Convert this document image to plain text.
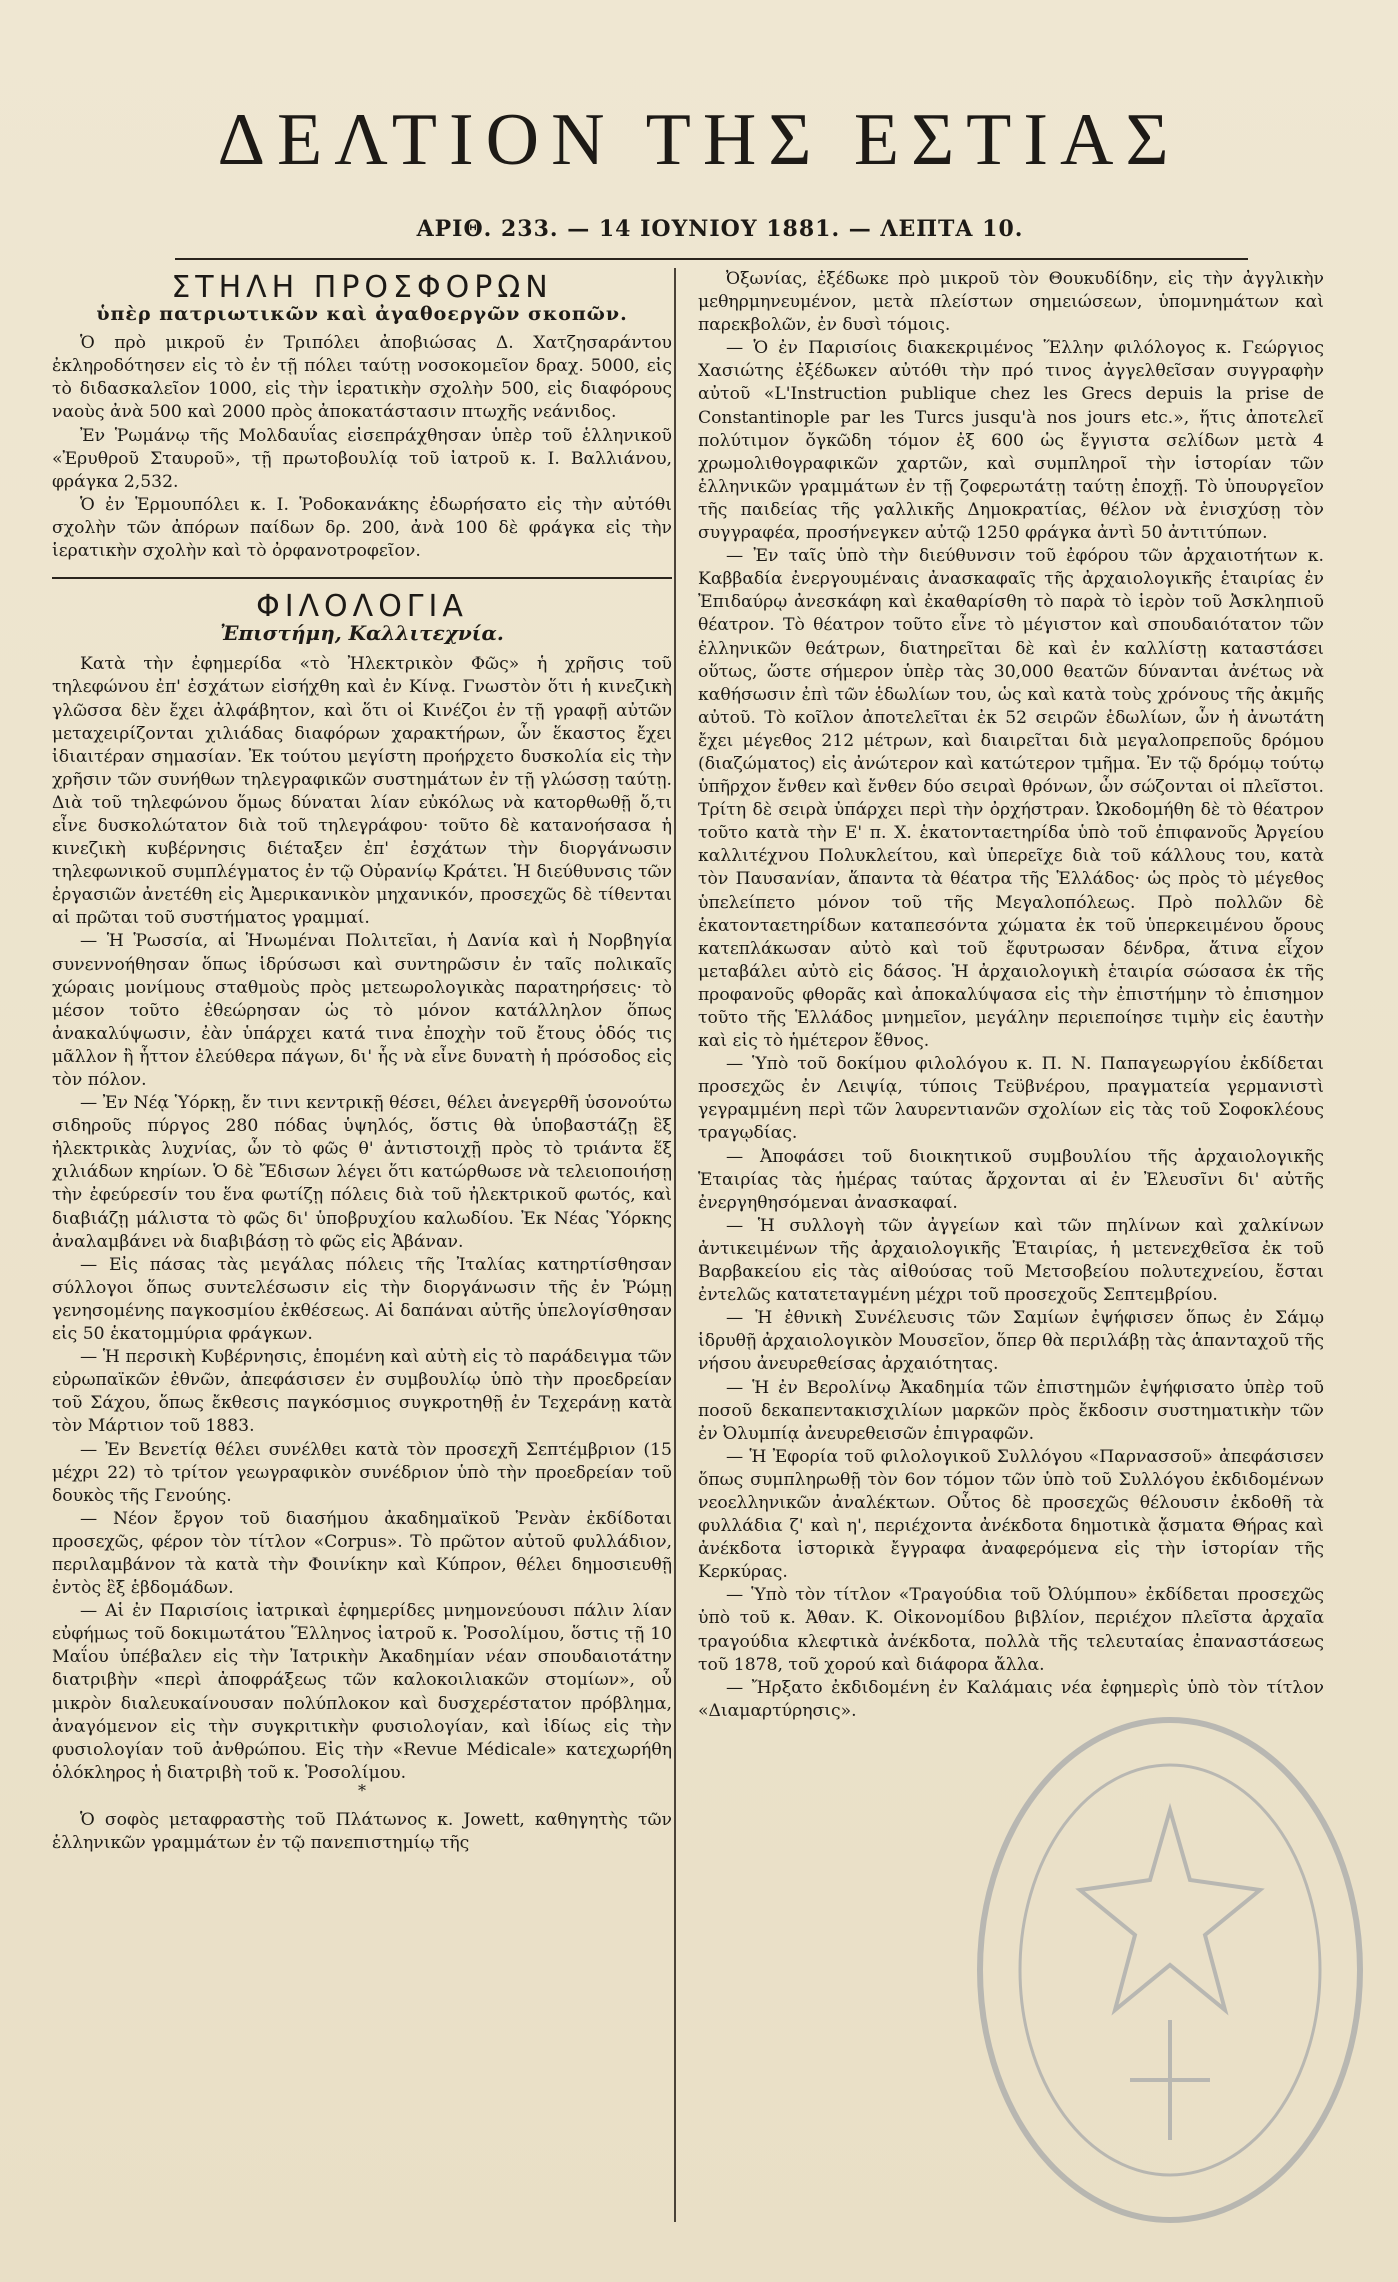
ΔΕΛΤΙΟΝ ΤΗΣ ΕΣΤΙΑΣ
ΑΡΙΘ. 233. — 14 ΙΟΥΝΙΟΥ 1881. — ΛΕΠΤΑ 10.
ΣΤΗΛΗ ΠΡΟΣΦΟΡΩΝ
ὑπὲρ πατριωτικῶν καὶ ἀγαθοεργῶν σκοπῶν.

Ὁ πρὸ μικροῦ ἐν Τριπόλει ἀποβιώσας Δ. Χατζησαράντου ἐκληροδότησεν εἰς τὸ ἐν τῇ πόλει ταύτῃ νοσοκομεῖον δραχ. 5000, εἰς τὸ διδασκαλεῖον 1000, εἰς τὴν ἱερατικὴν σχολὴν 500, εἰς διαφόρους ναοὺς ἀνὰ 500 καὶ 2000 πρὸς ἀποκατάστασιν πτωχῆς νεάνιδος.

Ἐν Ῥωμάνῳ τῆς Μολδαυΐας εἰσεπράχθησαν ὑπὲρ τοῦ ἑλληνικοῦ «Ἐρυθροῦ Σταυροῦ», τῇ πρωτοβουλίᾳ τοῦ ἰατροῦ κ. Ι. Βαλλιάνου, φράγκα 2,532.

Ὁ ἐν Ἑρμουπόλει κ. Ι. Ῥοδοκανάκης ἐδωρήσατο εἰς τὴν αὐτόθι σχολὴν τῶν ἀπόρων παίδων δρ. 200, ἀνὰ 100 δὲ φράγκα εἰς τὴν ἱερατικὴν σχολὴν καὶ τὸ ὀρφανοτροφεῖον.

ΦΙΛΟΛΟΓΙΑ
Ἐπιστήμη, Καλλιτεχνία.

Κατὰ τὴν ἐφημερίδα «τὸ Ἠλεκτρικὸν Φῶς» ἡ χρῆσις τοῦ τηλεφώνου ἐπ' ἐσχάτων εἰσήχθη καὶ ἐν Κίνᾳ. Γνωστὸν ὅτι ἡ κινεζικὴ γλῶσσα δὲν ἔχει ἀλφάβητον, καὶ ὅτι οἱ Κινέζοι ἐν τῇ γραφῇ αὐτῶν μεταχειρίζονται χιλιάδας διαφόρων χαρακτήρων, ὧν ἕκαστος ἔχει ἰδιαιτέραν σημασίαν. Ἐκ τούτου μεγίστη προήρχετο δυσκολία εἰς τὴν χρῆσιν τῶν συνήθων τηλεγραφικῶν συστημάτων ἐν τῇ γλώσσῃ ταύτῃ. Διὰ τοῦ τηλεφώνου ὅμως δύναται λίαν εὐκόλως νὰ κατορθωθῇ ὅ,τι εἶνε δυσκολώτατον διὰ τοῦ τηλεγράφου· τοῦτο δὲ κατανοήσασα ἡ κινεζικὴ κυβέρνησις διέταξεν ἐπ' ἐσχάτων τὴν διοργάνωσιν τηλεφωνικοῦ συμπλέγματος ἐν τῷ Οὐρανίῳ Κράτει. Ἡ διεύθυνσις τῶν ἐργασιῶν ἀνετέθη εἰς Ἀμερικανικὸν μηχανικόν, προσεχῶς δὲ τίθενται αἱ πρῶται τοῦ συστήματος γραμμαί.

— Ἡ Ῥωσσία, αἱ Ἡνωμέναι Πολιτεῖαι, ἡ Δανία καὶ ἡ Νορβηγία συνεννοήθησαν ὅπως ἱδρύσωσι καὶ συντηρῶσιν ἐν ταῖς πολικαῖς χώραις μονίμους σταθμοὺς πρὸς μετεωρολογικὰς παρατηρήσεις· τὸ μέσον τοῦτο ἐθεώρησαν ὡς τὸ μόνον κατάλληλον ὅπως ἀνακαλύψωσιν, ἐὰν ὑπάρχει κατά τινα ἐποχὴν τοῦ ἔτους ὁδός τις μᾶλλον ἢ ἧττον ἐλεύθερα πάγων, δι' ἧς νὰ εἶνε δυνατὴ ἡ πρόσοδος εἰς τὸν πόλον.

— Ἐν Νέᾳ Ὑόρκῃ, ἔν τινι κεντρικῇ θέσει, θέλει ἀνεγερθῆ ὑσονούτω σιδηροῦς πύργος 280 πόδας ὑψηλός, ὅστις θὰ ὑποβαστάζῃ ἓξ ἠλεκτρικὰς λυχνίας, ὧν τὸ φῶς θ' ἀντιστοιχῇ πρὸς τὸ τριάντα ἕξ χιλιάδων κηρίων. Ὁ δὲ Ἔδισων λέγει ὅτι κατώρθωσε νὰ τελειοποιήσῃ τὴν ἐφεύρεσίν του ἕνα φωτίζῃ πόλεις διὰ τοῦ ἠλεκτρικοῦ φωτός, καὶ διαβιάζῃ μάλιστα τὸ φῶς δι' ὑποβρυχίου καλωδίου. Ἐκ Νέας Ὑόρκης ἀναλαμβάνει νὰ διαβιβάσῃ τὸ φῶς εἰς Ἀβάναν.

— Εἰς πάσας τὰς μεγάλας πόλεις τῆς Ἰταλίας κατηρτίσθησαν σύλλογοι ὅπως συντελέσωσιν εἰς τὴν διοργάνωσιν τῆς ἐν Ῥώμῃ γενησομένης παγκοσμίου ἐκθέσεως. Αἱ δαπάναι αὐτῆς ὑπελογίσθησαν εἰς 50 ἑκατομμύρια φράγκων.

— Ἡ περσικὴ Κυβέρνησις, ἑπομένη καὶ αὐτὴ εἰς τὸ παράδειγμα τῶν εὐρωπαϊκῶν ἐθνῶν, ἀπεφάσισεν ἐν συμβουλίῳ ὑπὸ τὴν προεδρείαν τοῦ Σάχου, ὅπως ἔκθεσις παγκόσμιος συγκροτηθῇ ἐν Τεχεράνῃ κατὰ τὸν Μάρτιον τοῦ 1883.

— Ἐν Βενετίᾳ θέλει συνέλθει κατὰ τὸν προσεχῆ Σεπτέμβριον (15 μέχρι 22) τὸ τρίτον γεωγραφικὸν συνέδριον ὑπὸ τὴν προεδρείαν τοῦ δουκὸς τῆς Γενούης.

— Νέον ἔργον τοῦ διασήμου ἀκαδημαϊκοῦ Ῥενὰν ἐκδίδοται προσεχῶς, φέρον τὸν τίτλον «Corpus». Τὸ πρῶτον αὐτοῦ φυλλάδιον, περιλαμβάνον τὰ κατὰ τὴν Φοινίκην καὶ Κύπρον, θέλει δημοσιευθῇ ἐντὸς ἓξ ἑβδομάδων.

— Αἱ ἐν Παρισίοις ἰατρικαὶ ἐφημερίδες μνημονεύουσι πάλιν λίαν εὐφήμως τοῦ δοκιμωτάτου Ἕλληνος ἰατροῦ κ. Ῥοσολίμου, ὅστις τῇ 10 Μαΐου ὑπέβαλεν εἰς τὴν Ἰατρικὴν Ἀκαδημίαν νέαν σπουδαιοτάτην διατριβὴν «περὶ ἀποφράξεως τῶν καλοκοιλιακῶν στομίων», οὗ μικρὸν διαλευκαίνουσαν πολύπλοκον καὶ δυσχερέστατον πρόβλημα, ἀναγόμενον εἰς τὴν συγκριτικὴν φυσιολογίαν, καὶ ἰδίως εἰς τὴν φυσιολογίαν τοῦ ἀνθρώπου. Εἰς τὴν «Revue Médicale» κατεχωρήθη ὁλόκληρος ἡ διατριβὴ τοῦ κ. Ῥοσολίμου.

*

Ὁ σοφὸς μεταφραστὴς τοῦ Πλάτωνος κ. Jowett, καθηγητὴς τῶν ἑλληνικῶν γραμμάτων ἐν τῷ πανεπιστημίῳ τῆς

Ὀξωνίας, ἐξέδωκε πρὸ μικροῦ τὸν Θουκυδίδην, εἰς τὴν ἀγγλικὴν μεθηρμηνευμένον, μετὰ πλείστων σημειώσεων, ὑπομνημάτων καὶ παρεκβολῶν, ἐν δυσὶ τόμοις.

— Ὁ ἐν Παρισίοις διακεκριμένος Ἕλλην φιλόλογος κ. Γεώργιος Χασιώτης ἐξέδωκεν αὐτόθι τὴν πρό τινος ἀγγελθεῖσαν συγγραφὴν αὐτοῦ «L'Instruction publique chez les Grecs depuis la prise de Constantinople par les Turcs jusqu'à nos jours etc.», ἥτις ἀποτελεῖ πολύτιμον ὄγκῶδη τόμον ἐξ 600 ὡς ἔγγιστα σελίδων μετὰ 4 χρωμολιθογραφικῶν χαρτῶν, καὶ συμπληροῖ τὴν ἱστορίαν τῶν ἑλληνικῶν γραμμάτων ἐν τῇ ζοφερωτάτῃ ταύτῃ ἐποχῇ. Τὸ ὑπουργεῖον τῆς παιδείας τῆς γαλλικῆς Δημοκρατίας, θέλον νὰ ἐνισχύσῃ τὸν συγγραφέα, προσήνεγκεν αὐτῷ 1250 φράγκα ἀντὶ 50 ἀντιτύπων.

— Ἐν ταῖς ὑπὸ τὴν διεύθυνσιν τοῦ ἐφόρου τῶν ἀρχαιοτήτων κ. Καββαδία ἐνεργουμέναις ἀνασκαφαῖς τῆς ἀρχαιολογικῆς ἑταιρίας ἐν Ἐπιδαύρῳ ἀνεσκάφη καὶ ἐκαθαρίσθη τὸ παρὰ τὸ ἱερὸν τοῦ Ἀσκληπιοῦ θέατρον. Τὸ θέατρον τοῦτο εἶνε τὸ μέγιστον καὶ σπουδαιότατον τῶν ἑλληνικῶν θεάτρων, διατηρεῖται δὲ καὶ ἐν καλλίστῃ καταστάσει οὕτως, ὥστε σήμερον ὑπὲρ τὰς 30,000 θεατῶν δύνανται ἀνέτως νὰ καθήσωσιν ἐπὶ τῶν ἑδωλίων του, ὡς καὶ κατὰ τοὺς χρόνους τῆς ἀκμῆς αὐτοῦ. Τὸ κοῖλον ἀποτελεῖται ἐκ 52 σειρῶν ἑδωλίων, ὧν ἡ ἀνωτάτη ἔχει μέγεθος 212 μέτρων, καὶ διαιρεῖται διὰ μεγαλοπρεποῦς δρόμου (διαζώματος) εἰς ἀνώτερον καὶ κατώτερον τμῆμα. Ἐν τῷ δρόμῳ τούτῳ ὑπῆρχον ἔνθεν καὶ ἔνθεν δύο σειραὶ θρόνων, ὧν σώζονται οἱ πλεῖστοι. Τρίτη δὲ σειρὰ ὑπάρχει περὶ τὴν ὀρχήστραν. Ὠκοδομήθη δὲ τὸ θέατρον τοῦτο κατὰ τὴν Ε' π. Χ. ἑκατονταετηρίδα ὑπὸ τοῦ ἐπιφανοῦς Ἀργείου καλλιτέχνου Πολυκλείτου, καὶ ὑπερεῖχε διὰ τοῦ κάλλους του, κατὰ τὸν Παυσανίαν, ἅπαντα τὰ θέατρα τῆς Ἑλλάδος· ὡς πρὸς τὸ μέγεθος ὑπελείπετο μόνον τοῦ τῆς Μεγαλοπόλεως. Πρὸ πολλῶν δὲ ἑκατονταετηρίδων καταπεσόντα χώματα ἐκ τοῦ ὑπερκειμένου ὄρους κατεπλάκωσαν αὐτὸ καὶ τοῦ ἔφυτρωσαν δένδρα, ἅτινα εἶχον μεταβάλει αὐτὸ εἰς δάσος. Ἡ ἀρχαιολογικὴ ἑταιρία σώσασα ἐκ τῆς προφανοῦς φθορᾶς καὶ ἀποκαλύψασα εἰς τὴν ἐπιστήμην τὸ ἐπισημον τοῦτο τῆς Ἑλλάδος μνημεῖον, μεγάλην περιεποίησε τιμὴν εἰς ἑαυτὴν καὶ εἰς τὸ ἡμέτερον ἔθνος.

— Ὑπὸ τοῦ δοκίμου φιλολόγου κ. Π. Ν. Παπαγεωργίου ἐκδίδεται προσεχῶς ἐν Λειψίᾳ, τύποις Τεϋβνέρου, πραγματεία γερμανιστὶ γεγραμμένη περὶ τῶν λαυρεντιανῶν σχολίων εἰς τὰς τοῦ Σοφοκλέους τραγῳδίας.

— Ἀποφάσει τοῦ διοικητικοῦ συμβουλίου τῆς ἀρχαιολογικῆς Ἑταιρίας τὰς ἡμέρας ταύτας ἄρχονται αἱ ἐν Ἐλευσῖνι δι' αὐτῆς ἐνεργηθησόμεναι ἀνασκαφαί.

— Ἡ συλλογὴ τῶν ἀγγείων καὶ τῶν πηλίνων καὶ χαλκίνων ἀντικειμένων τῆς ἀρχαιολογικῆς Ἑταιρίας, ἡ μετενεχθεῖσα ἐκ τοῦ Βαρβακείου εἰς τὰς αἰθούσας τοῦ Μετσοβείου πολυτεχνείου, ἔσται ἐντελῶς κατατεταγμένη μέχρι τοῦ προσεχοῦς Σεπτεμβρίου.

— Ἡ ἐθνικὴ Συνέλευσις τῶν Σαμίων ἐψήφισεν ὅπως ἐν Σάμῳ ἱδρυθῇ ἀρχαιολογικὸν Μουσεῖον, ὅπερ θὰ περιλάβῃ τὰς ἁπανταχοῦ τῆς νήσου ἀνευρεθείσας ἀρχαιότητας.

— Ἡ ἐν Βερολίνῳ Ἀκαδημία τῶν ἐπιστημῶν ἐψήφισατο ὑπὲρ τοῦ ποσοῦ δεκαπεντακισχιλίων μαρκῶν πρὸς ἔκδοσιν συστηματικὴν τῶν ἐν Ὀλυμπίᾳ ἀνευρεθεισῶν ἐπιγραφῶν.

— Ἡ Ἐφορία τοῦ φιλολογικοῦ Συλλόγου «Παρνασσοῦ» ἀπεφάσισεν ὅπως συμπληρωθῇ τὸν 6ον τόμον τῶν ὑπὸ τοῦ Συλλόγου ἐκδιδομένων νεοελληνικῶν ἀναλέκτων. Οὗτος δὲ προσεχῶς θέλουσιν ἐκδοθῆ τὰ φυλλάδια ζ' καὶ η', περιέχοντα ἀνέκδοτα δημοτικὰ ᾄσματα Θήρας καὶ ἀνέκδοτα ἱστορικὰ ἔγγραφα ἀναφερόμενα εἰς τὴν ἱστορίαν τῆς Κερκύρας.

— Ὑπὸ τὸν τίτλον «Τραγούδια τοῦ Ὀλύμπου» ἐκδίδεται προσεχῶς ὑπὸ τοῦ κ. Ἀθαν. Κ. Οἰκονομίδου βιβλίον, περιέχον πλεῖστα ἀρχαῖα τραγούδια κλεφτικὰ ἀνέκδοτα, πολλὰ τῆς τελευταίας ἐπαναστάσεως τοῦ 1878, τοῦ χορού καὶ διάφορα ἄλλα.

— Ἤρξατο ἐκδιδομένη ἐν Καλάμαις νέα ἐφημερὶς ὑπὸ τὸν τίτλον «Διαμαρτύρησις».
